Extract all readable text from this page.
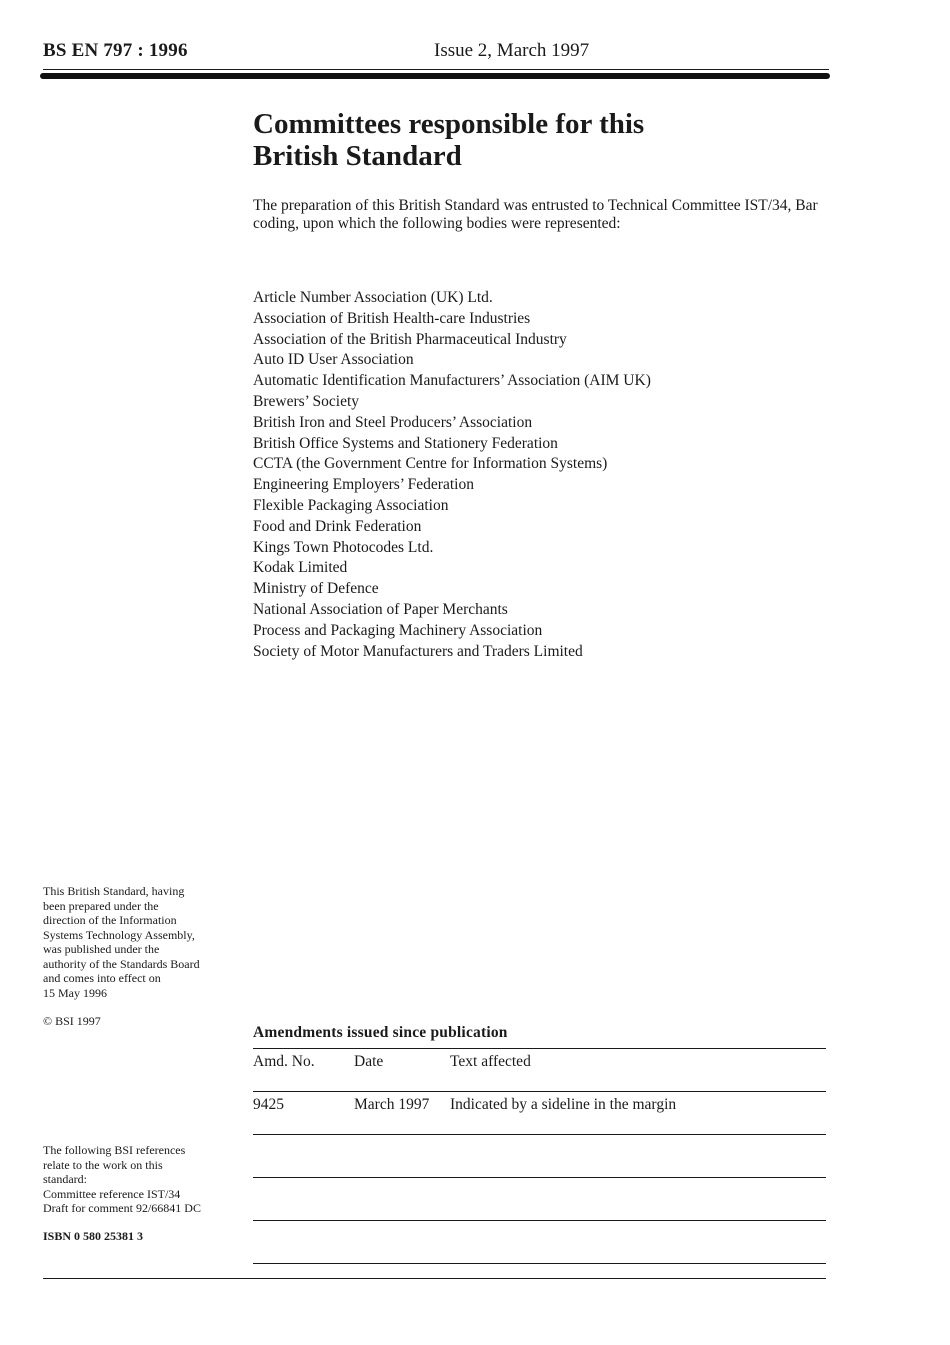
BS EN 797 : 1996	Issue 2, March 1997
Committees responsible for this
British Standard
The preparation of this British Standard was entrusted to Technical Committee IST/34, Bar coding, upon which the following bodies were represented:
Article Number Association (UK) Ltd.
Association of British Health-care Industries
Association of the British Pharmaceutical Industry
Auto ID User Association
Automatic Identification Manufacturers’ Association (AIM UK)
Brewers’ Society
British Iron and Steel Producers’ Association
British Office Systems and Stationery Federation
CCTA (the Government Centre for Information Systems)
Engineering Employers’ Federation
Flexible Packaging Association
Food and Drink Federation
Kings Town Photocodes Ltd.
Kodak Limited
Ministry of Defence
National Association of Paper Merchants
Process and Packaging Machinery Association
Society of Motor Manufacturers and Traders Limited
This British Standard, having
been prepared under the
direction of the Information
Systems Technology Assembly,
was published under the
authority of the Standards Board
and comes into effect on
15 May 1996
© BSI 1997
The following BSI references
relate to the work on this
standard:
Committee reference IST/34
Draft for comment 92/66841 DC
ISBN 0 580 25381 3
Amendments issued since publication
Amd. No.	Date	Text affected
9425	March 1997	Indicated by a sideline in the margin
